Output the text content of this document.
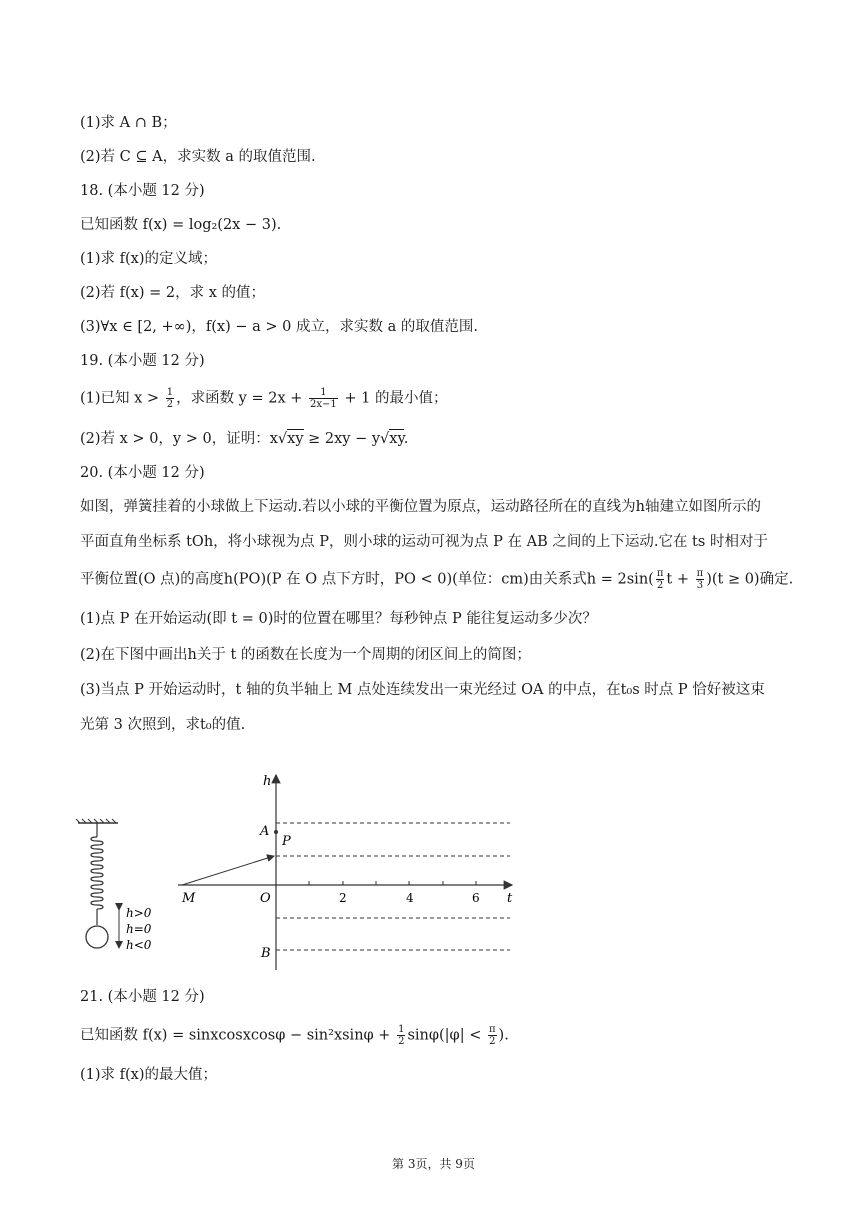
(1)求 A ∩ B；
(2)若 C ⊆ A，求实数 a 的取值范围.
18. (本小题 12 分)
已知函数 f(x) = log₂(2x − 3).
(1)求 f(x)的定义域；
(2)若 f(x) = 2，求 x 的值；
(3)∀x ∈ [2, +∞)，f(x) − a > 0 成立，求实数 a 的取值范围.
19. (本小题 12 分)
(1)已知 $x > \frac{1}{2}$ ，求函数 $y = 2x + \frac{1}{2x-1} + 1$ 的最小值；
(2)若 x > 0，y > 0，证明：x√xy ≥ 2xy − y√xy.
20. (本小题 12 分)
如图，弹簧挂着的小球做上下运动.若以小球的平衡位置为原点，运动路径所在的直线为h轴建立如图所示的
平面直角坐标系 tOh，将小球视为点 P，则小球的运动可视为点 P 在 AB 之间的上下运动.它在 ts 时相对于
平衡位置(O 点)的高度h(PO)(P 在 O 点下方时，PO < 0)(单位：cm)由关系式$h = 2\sin( \frac{\pi}{2}$ $t + \frac{\pi}{3} )(t \ge 0)$确定.
(1)点 P 在开始运动(即 t = 0)时的位置在哪里？每秒钟点 P 能往复运动多少次？
(2)在下图中画出h关于 t 的函数在长度为一个周期的闭区间上的简图；
(3)当点 P 开始运动时，t 轴的负半轴上 M 点处连续发出一束光经过 OA 的中点，在t₀s 时点 P 恰好被这束
光第 3 次照到，求t₀的值.
h>0
h=0
h<0
h
t
2	4	6
A
P
O
B
M
21. (本小题 12 分)
已知函数 f(x) = sinxcosxcosφ − $\sin^2xsin\varphi + \frac{1}{2} \sin\varphi(|\varphi| < \frac{\pi}{2}$ ).
(1)求 f(x)的最大值；
第 3页，共 9页
